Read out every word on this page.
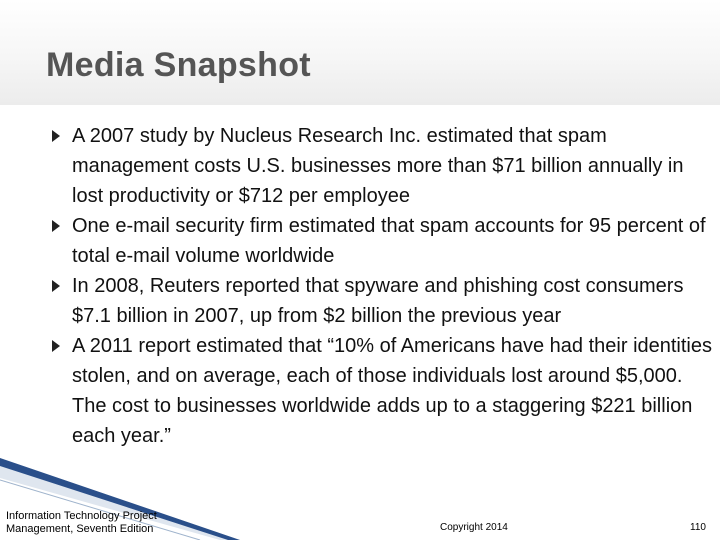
Media Snapshot
A 2007 study by Nucleus Research Inc. estimated that spam management costs U.S. businesses more than $71 billion annually in lost productivity or $712 per employee
One e-mail security firm estimated that spam accounts for 95 percent of total e-mail volume worldwide
In 2008, Reuters reported that spyware and phishing cost consumers $7.1 billion in 2007, up from $2 billion the previous year
A 2011 report estimated that “10% of Americans have had their identities stolen, and on average, each of those individuals lost around $5,000. The cost to businesses worldwide adds up to a staggering $221 billion each year.”
Information Technology Project
Management, Seventh Edition	Copyright 2014	110
